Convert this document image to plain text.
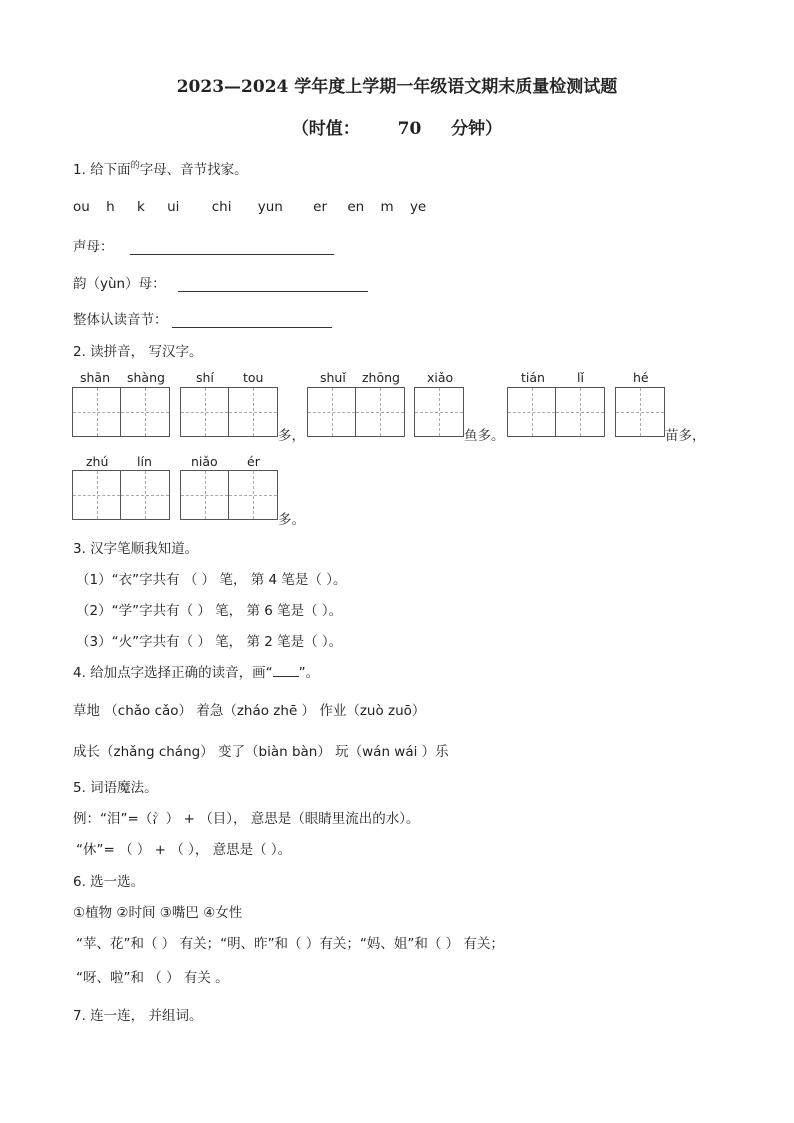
2023—2024 学年度上学期一年级语文期末质量检测试题
（时值： 70 分钟）
1. 给下面$^的$字母、音节找家。
ou h k ui chi yun er en m ye
声母：
韵（yùn）母：
整体认读音节：
2. 读拼音， 写汉字。
shān shàng shí tou	shuǐ zhōng xiǎo	tián	lǐ	hé
多，	鱼多。	苗多，
zhú lín	niǎo ér
多。
3. 汉字笔顺我知道。
（1）“衣”字共有 （ ） 笔， 第 4 笔是（ ）。
（2）“学”字共有（ ） 笔， 第 6 笔是（ ）。
（3）“火”字共有（ ） 笔， 第 2 笔是（ ）。
4. 给加点字选择正确的读音，画“ ”。
草地 （chǎo cǎo） 着急（zháo zhē ） 作业（zuò zuō）
成长（zhǎng cháng） 变了（biàn bàn） 玩（wán wái ）乐
5. 词语魔法。
例：“泪”=（氵） + （目）， 意思是（眼睛里流出的水）。
“休”= （ ） + （ ）， 意思是（ ）。
6. 选一选。
①植物 ②时间 ③嘴巴 ④女性
“苹、花”和（ ） 有关；“明、昨”和（ ）有关；“妈、姐”和（ ） 有关；
“呀、啦”和 （ ） 有关 。
7. 连一连， 并组词。
